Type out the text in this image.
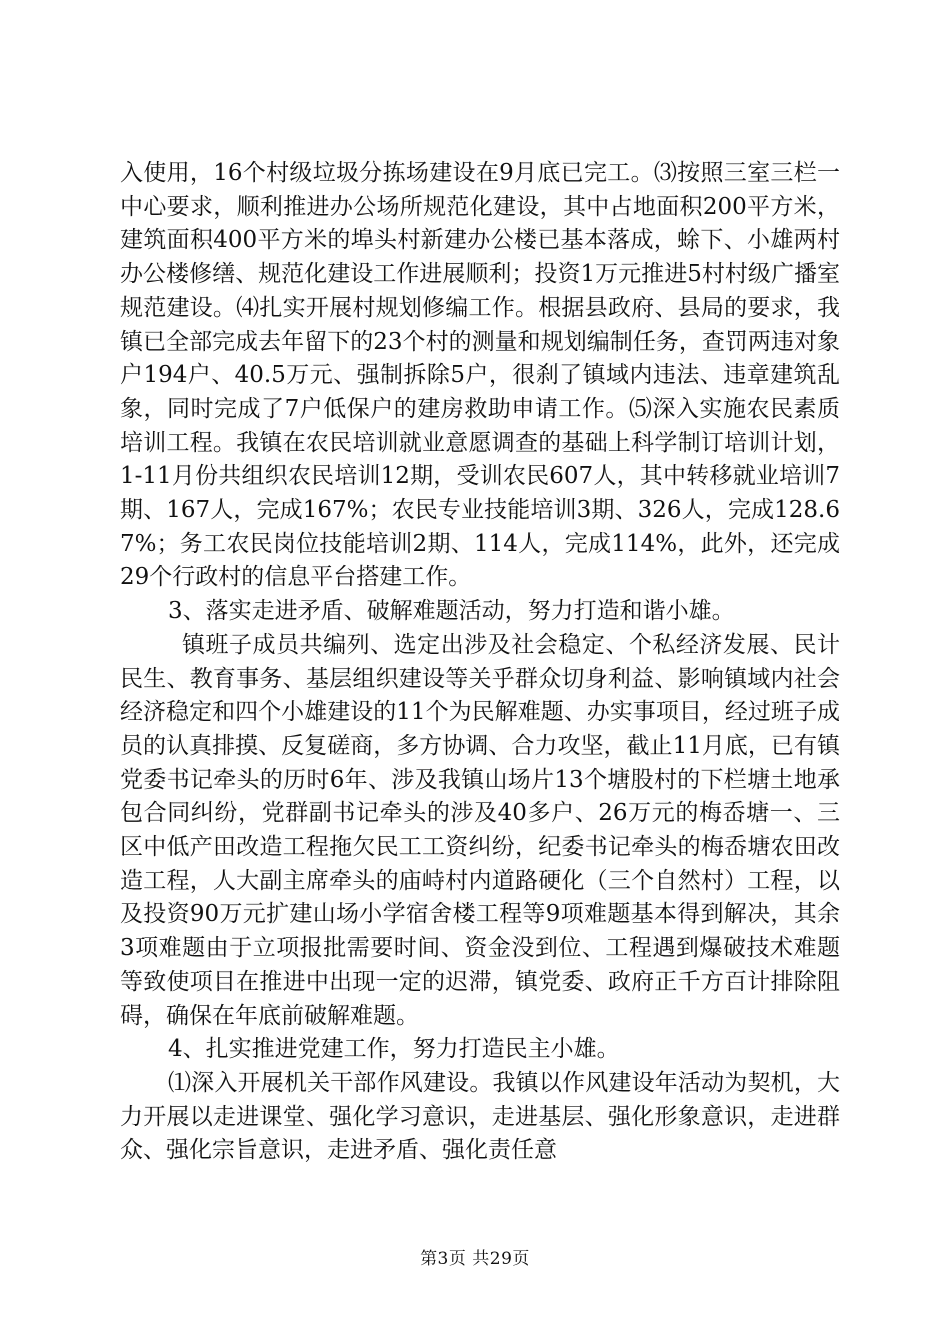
入使用，16个村级垃圾分拣场建设在9月底已完工。⑶按照三室三栏一中心要求，顺利推进办公场所规范化建设，其中占地面积200平方米，建筑面积400平方米的埠头村新建办公楼已基本落成，蜍下、小雄两村办公楼修缮、规范化建设工作进展顺利；投资1万元推进5村村级广播室规范建设。⑷扎实开展村规划修编工作。根据县政府、县局的要求，我镇已全部完成去年留下的23个村的测量和规划编制任务，查罚两违对象户194户、40.5万元、强制拆除5户，很刹了镇域内违法、违章建筑乱象，同时完成了7户低保户的建房救助申请工作。⑸深入实施农民素质培训工程。我镇在农民培训就业意愿调查的基础上科学制订培训计划，1-11月份共组织农民培训12期，受训农民607人，其中转移就业培训7期、167人，完成167%；农民专业技能培训3期、326人，完成128.67%；务工农民岗位技能培训2期、114人，完成114%，此外，还完成29个行政村的信息平台搭建工作。

3、落实走进矛盾、破解难题活动，努力打造和谐小雄。

镇班子成员共编列、选定出涉及社会稳定、个私经济发展、民计民生、教育事务、基层组织建设等关乎群众切身利益、影响镇域内社会经济稳定和四个小雄建设的11个为民解难题、办实事项目，经过班子成员的认真排摸、反复磋商，多方协调、合力攻坚，截止11月底，已有镇党委书记牵头的历时6年、涉及我镇山场片13个塘股村的下栏塘土地承包合同纠纷，党群副书记牵头的涉及40多户、26万元的梅岙塘一、三区中低产田改造工程拖欠民工工资纠纷，纪委书记牵头的梅岙塘农田改造工程，人大副主席牵头的庙峙村内道路硬化（三个自然村）工程，以及投资90万元扩建山场小学宿舍楼工程等9项难题基本得到解决，其余3项难题由于立项报批需要时间、资金没到位、工程遇到爆破技术难题等致使项目在推进中出现一定的迟滞，镇党委、政府正千方百计排除阻碍，确保在年底前破解难题。

4、扎实推进党建工作，努力打造民主小雄。

⑴深入开展机关干部作风建设。我镇以作风建设年活动为契机，大力开展以走进课堂、强化学习意识，走进基层、强化形象意识，走进群众、强化宗旨意识，走进矛盾、强化责任意

第3页 共29页
